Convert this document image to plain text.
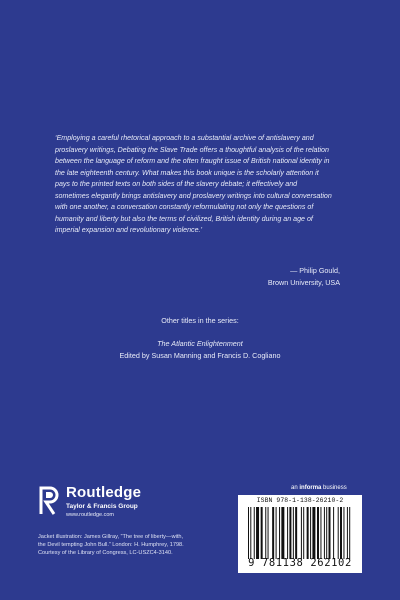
‘Employing a careful rhetorical approach to a substantial archive of antislavery and
proslavery writings, Debating the Slave Trade offers a thoughtful analysis of the relation
between the language of reform and the often fraught issue of British national identity in
the late eighteenth century. What makes this book unique is the scholarly attention it
pays to the printed texts on both sides of the slavery debate; it effectively and
sometimes elegantly brings antislavery and proslavery writings into cultural conversation
with one another, a conversation constantly reformulating not only the questions of
humanity and liberty but also the terms of civilized, British identity during an age of
imperial expansion and revolutionary violence.’
— Philip Gould,
Brown University, USA
Other titles in the series:
The Atlantic Enlightenment
Edited by Susan Manning and Francis D. Cogliano
Routledge
Taylor & Francis Group
www.routledge.com
Jacket illustration: James Gillray, “The tree of liberty—with,
the Devil tempting John Bull.” London: H. Humphrey, 1798.
Courtesy of the Library of Congress, LC-USZC4-3140.
an informa business
ISBN 978-1-138-26210-2
9 781138 262102
